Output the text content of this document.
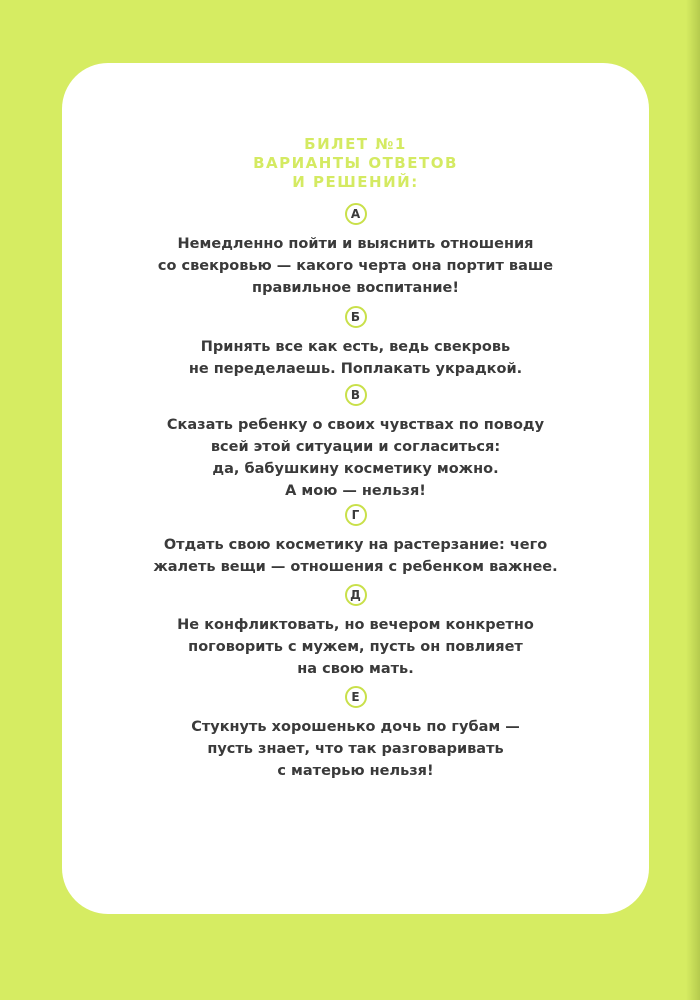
БИЛЕТ №1
ВАРИАНТЫ ОТВЕТОВ
И РЕШЕНИЙ:
А
Немедленно пойти и выяснить отношения
со свекровью — какого черта она портит ваше
правильное воспитание!
Б
Принять все как есть, ведь свекровь
не переделаешь. Поплакать украдкой.
В
Сказать ребенку о своих чувствах по поводу
всей этой ситуации и согласиться:
да, бабушкину косметику можно.
А мою — нельзя!
Г
Отдать свою косметику на растерзание: чего
жалеть вещи — отношения с ребенком важнее.
Д
Не конфликтовать, но вечером конкретно
поговорить с мужем, пусть он повлияет
на свою мать.
Е
Стукнуть хорошенько дочь по губам —
пусть знает, что так разговаривать
с матерью нельзя!
